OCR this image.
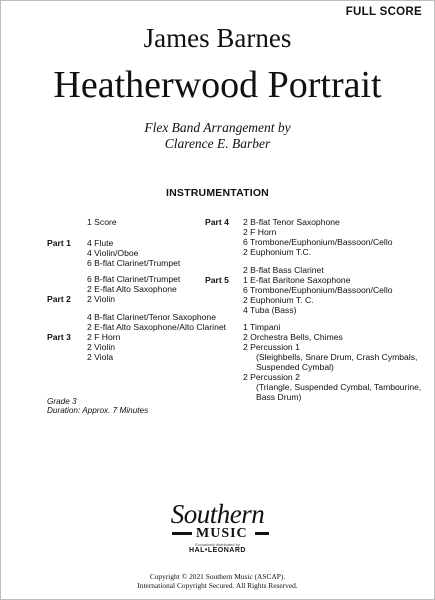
FULL SCORE
James Barnes
Heatherwood Portrait
Flex Band Arrangement by
Clarence E. Barber
INSTRUMENTATION
1 Score
Part 1 4 Flute
4 Violin/Oboe
6 B-flat Clarinet/Trumpet
6 B-flat Clarinet/Trumpet
2 E-flat Alto Saxophone
Part 2 2 Violin
4 B-flat Clarinet/Tenor Saxophone
2 E-flat Alto Saxophone/Alto Clarinet
Part 3 2 F Horn
2 Violin
2 Viola
Part 4 2 B-flat Tenor Saxophone
2 F Horn
6 Trombone/Euphonium/Bassoon/Cello
2 Euphonium T.C.
2 B-flat Bass Clarinet
Part 5 1 E-flat Baritone Saxophone
6 Trombone/Euphonium/Bassoon/Cello
2 Euphonium T. C.
4 Tuba (Bass)
1 Timpani
2 Orchestra Bells, Chimes
2 Percussion 1
(Sleighbells, Snare Drum, Crash Cymbals,
Suspended Cymbal)
2 Percussion 2
(Triangle, Suspended Cymbal, Tambourine,
Bass Drum)
Grade 3
Duration: Approx. 7 Minutes
Southern
MUSIC
Exclusively distributed by
HAL•LEONARD
Copyright © 2021 Southern Music (ASCAP).
International Copyright Secured. All Rights Reserved.
